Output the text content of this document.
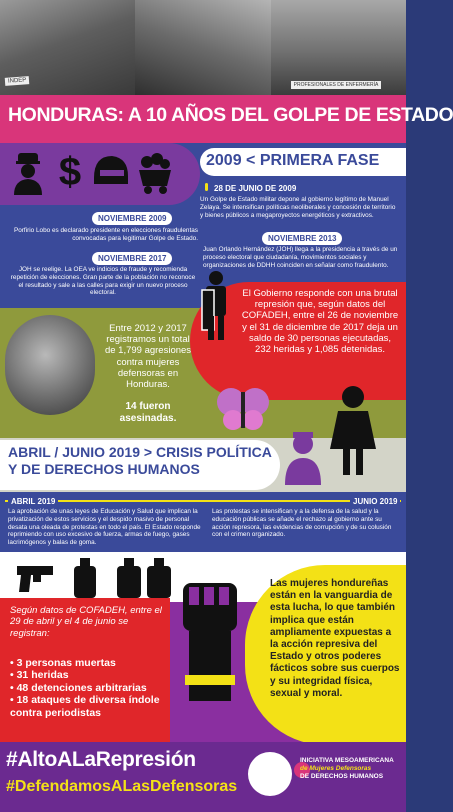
INDEP
PROFESIONALES DE ENFERMERÍA
HONDURAS: A 10 AÑOS DEL GOLPE DE ESTADO
$	2009 < PRIMERA FASE
28 DE JUNIO DE 2009
Un Golpe de Estado militar depone al gobierno legítimo de Manuel Zelaya. Se intensifican políticas neoliberales y concesión de territorio y bienes públicos a megaproyectos energéticos y extractivos.
NOVIEMBRE 2009
Porfirio Lobo es declarado presidente en elecciones fraudulentas convocadas para legitimar Golpe de Estado.	NOVIEMBRE 2013
Juan Orlando Hernández (JOH) llega a la presidencia a través de un proceso electoral que ciudadanía, movimientos sociales y organizaciones de DDHH coinciden en señalar como fraudulento.
NOVIEMBRE 2017
JOH se reelige. La OEA ve indicios de fraude y recomienda repetición de elecciones. Gran parte de la población no reconoce el resultado y sale a las calles para exigir un nuevo proceso electoral.	El Gobierno responde con una brutal represión que, según datos del COFADEH, entre el 26 de noviembre y el 31 de diciembre de 2017 deja un saldo de 30 personas ejecutadas, 232 heridas y 1,085 detenidas.
Entre 2012 y 2017 registramos un total de 1,799 agresiones contra mujeres defensoras en Honduras.
14 fueron asesinadas.
ABRIL / JUNIO 2019 > CRISIS POLÍTICA Y DE DERECHOS HUMANOS
ABRIL 2019
La aprobación de unas leyes de Educación y Salud que implican la privatización de estos servicios y el despido masivo de personal desata una oleada de protestas en todo el país. El Estado responde reprimiendo con uso excesivo de fuerza, armas de fuego, gases lacrimógenos y balas de goma.
JUNIO 2019
Las protestas se intensifican y a la defensa de la salud y la educación públicas se añade el rechazo al gobierno ante su acción represora, las evidencias de corrupción y de su colusión con el crimen organizado.
Según datos de COFADEH, entre el 29 de abril y el 4 de junio se registran:
• 3 personas muertas
• 31 heridas
• 48 detenciones arbitrarias
• 18 ataques de diversa índole contra periodistas
Las mujeres hondureñas están en la vanguardia de esta lucha, lo que también implica que están ampliamente expuestas a la acción represiva del Estado y otros poderes fácticos sobre sus cuerpos y su integridad física, sexual y moral.
#AltoALaRepresión
#DefendamosALasDefensoras
INICIATIVA MESOAMERICANA
de Mujeres Defensoras
DE DERECHOS HUMANOS
